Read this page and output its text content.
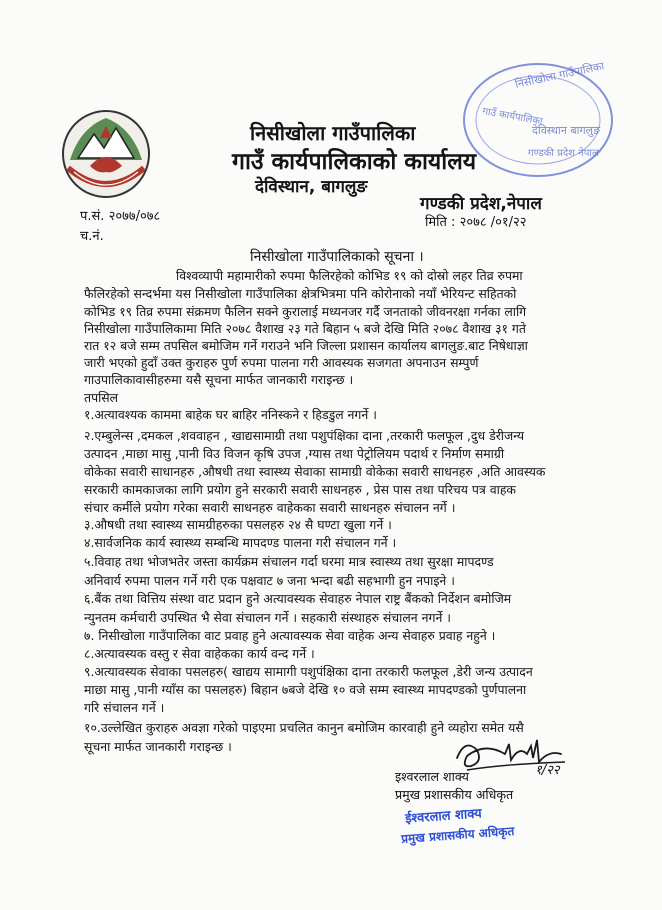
निसीखोला गाउँपालिका
गाउँ कार्यपालिका
देविस्थान बागलुङ
गण्डकी प्रदेश नेपाल
निसीखोला गाउँपालिका
गाउँ कार्यपालिकाको कार्यालय
देविस्थान, बागलुङ
गण्डकी प्रदेश,नेपाल
प.सं. २०७७/०७८
च.नं.
मिति : २०७८ /०१/२२
निसीखोला गाउँपालिकाको सूचना ।
विश्वव्यापी महामारीको रुपमा फैलिरहेको कोभिड १९ को दोस्रो लहर तिव्र रुपमा
फैलिरहेको सन्दर्भमा यस निसीखोला गाउँपालिका क्षेत्रभित्रमा पनि कोरोनाको नयाँ भेरियन्ट सहितको
कोभिड १९ तिव्र रुपमा संक्रमण फैलिन सक्ने कुरालाई मध्यनजर गर्दै जनताको जीवनरक्षा गर्नका लागि
निसीखोला गाउँपालिकामा मिति २०७८ वैशाख २३ गते बिहान ५ बजे देखि मिति २०७८ वैशाख ३१ गते
रात १२ बजे सम्म तपसिल बमोजिम गर्ने गराउने भनि जिल्ला प्रशासन कार्यालय बागलुङ.बाट निषेधाज्ञा
जारी भएको हुदाँ उक्त कुराहरु पुर्ण रुपमा पालना गरी आवस्यक सजगता अपनाउन सम्पुर्ण
गाउपालिकावासीहरुमा यसै सूचना मार्फत जानकारी गराइन्छ ।
तपसिल
१.अत्यावश्यक काममा बाहेक घर बाहिर ननिस्कने र हिडडुल नगर्ने ।
२.एम्बुलेन्स ,दमकल ,शववाहन , खाद्यसामाग्री तथा पशुपंक्षिका दाना ,तरकारी फलफूल ,दुध डेरीजन्य
उत्पादन ,माछा मासु ,पानी विउ विजन कृषि उपज ,ग्यास तथा पेट्रोलियम पदार्थ र निर्माण समाग्री
वोकेका सवारी साधानहरु ,औषधी तथा स्वास्थ्य सेवाका सामाग्री वोकेका सवारी साधनहरु ,अति आवस्यक
सरकारी कामकाजका लागि प्रयोग हुने सरकारी सवारी साधनहरु , प्रेस पास तथा परिचय पत्र वाहक
संचार कर्मीले प्रयोग गरेका सवारी साधनहरु वाहेकका सवारी साधनहरु संचालन नर्गे ।
३.औषधी तथा स्वास्थ्य सामग्रीहरुका पसलहरु २४ सै घण्टा खुला गर्ने ।
४.सार्वजनिक कार्य स्वास्थ्य सम्बन्धि मापदण्ड पालना गरी संचालन गर्ने ।
५.विवाह तथा भोजभतेर जस्ता कार्यक्रम संचालन गर्दा घरमा मात्र स्वास्थ्य तथा सुरक्षा मापदण्ड
अनिवार्य रुपमा पालन गर्ने गरी एक पक्षवाट ७ जना भन्दा बढी सहभागी हुन नपाइने ।
६.बैंक तथा वित्तिय संस्था वाट प्रदान हुने अत्यावस्यक सेवाहरु नेपाल राष्ट्र बैंकको निर्देशन बमोजिम
न्युनतम कर्मचारी उपस्थित भै सेवा संचालन गर्ने । सहकारी संस्थाहरु संचालन नगर्ने ।
७. निसीखोला गाउँपालिका वाट प्रवाह हुने अत्यावस्यक सेवा वाहेक अन्य सेवाहरु प्रवाह नहुने ।
८.अत्यावस्यक वस्तु र सेवा वाहेकका कार्य वन्द गर्ने ।
९.अत्यावस्यक सेवाका पसलहरु( खाद्यय सामागी पशुपंक्षिका दाना तरकारी फलफूल ,डेरी जन्य उत्पादन
माछा मासु ,पानी ग्याँस का पसलहरु) बिहान ७बजे देखि १० वजे सम्म स्वास्थ्य मापदण्डको पुर्णपालना
गरि संचालन गर्ने ।
१०.उल्लेखित कुराहरु अवज्ञा गरेको पाइएमा प्रचलित कानुन बमोजिम कारवाही हुने व्यहोरा समेत यसै
सूचना मार्फत जानकारी गराइन्छ ।
१/२२
इश्वरलाल शाक्य
प्रमुख प्रशासकीय अधिकृत
ईश्वरलाल शाक्य
प्रमुख प्रशासकीय अधिकृत
